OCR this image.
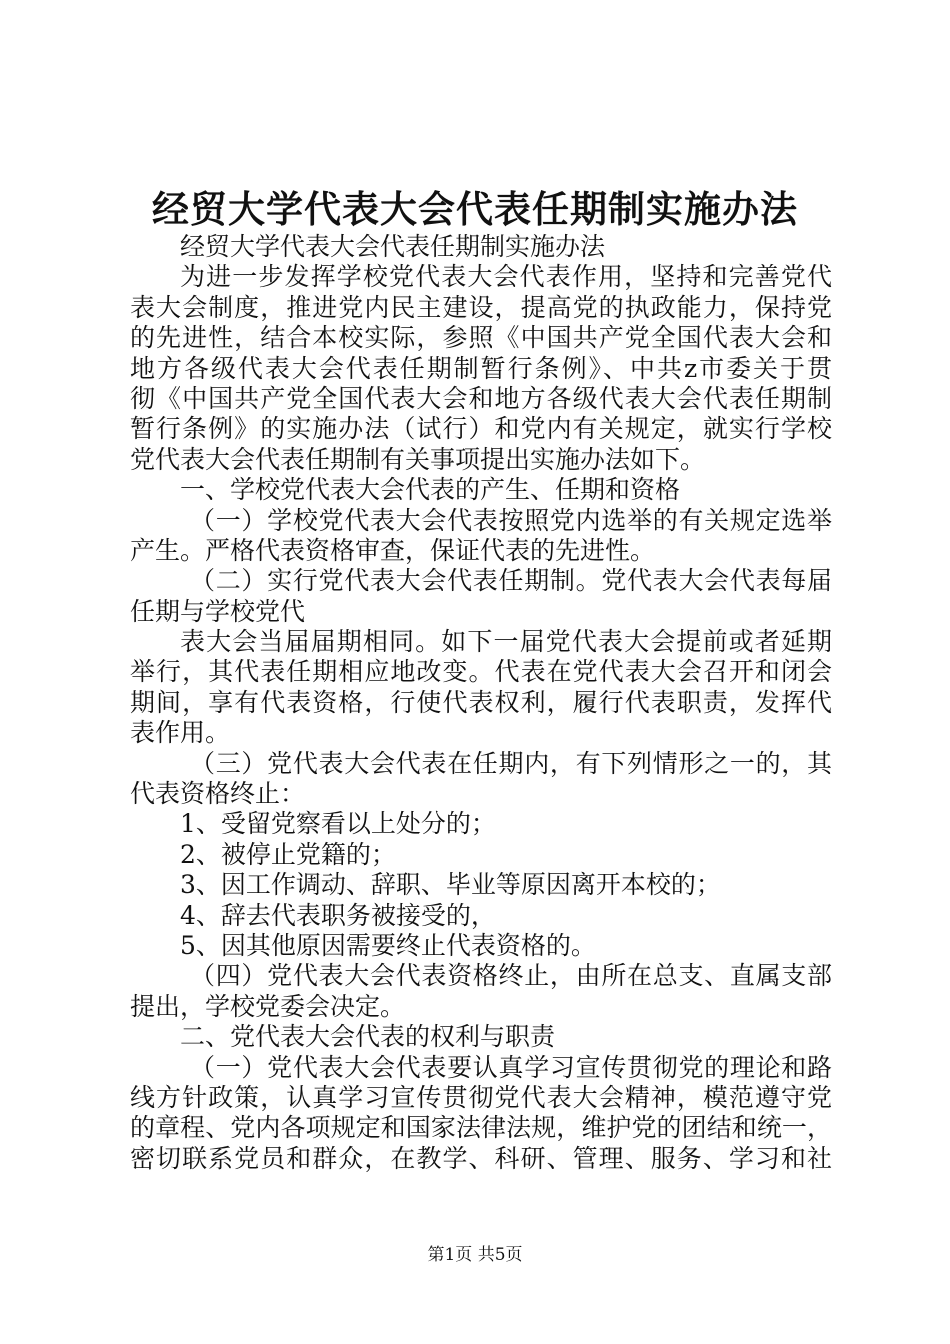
经贸大学代表大会代表任期制实施办法
经贸大学代表大会代表任期制实施办法
为进一步发挥学校党代表大会代表作用，坚持和完善党代
表大会制度，推进党内民主建设，提高党的执政能力，保持党
的先进性，结合本校实际，参照《中国共产党全国代表大会和
地方各级代表大会代表任期制暂行条例》、中共z市委关于贯
彻《中国共产党全国代表大会和地方各级代表大会代表任期制
暂行条例》的实施办法（试行）和党内有关规定，就实行学校
党代表大会代表任期制有关事项提出实施办法如下。
一、学校党代表大会代表的产生、任期和资格
（一）学校党代表大会代表按照党内选举的有关规定选举
产生。严格代表资格审查，保证代表的先进性。
（二）实行党代表大会代表任期制。党代表大会代表每届
任期与学校党代
表大会当届届期相同。如下一届党代表大会提前或者延期
举行，其代表任期相应地改变。代表在党代表大会召开和闭会
期间，享有代表资格，行使代表权利，履行代表职责，发挥代
表作用。
（三）党代表大会代表在任期内，有下列情形之一的，其
代表资格终止：
1、受留党察看以上处分的；
2、被停止党籍的；
3、因工作调动、辞职、毕业等原因离开本校的；
4、辞去代表职务被接受的，
5、因其他原因需要终止代表资格的。
（四）党代表大会代表资格终止，由所在总支、直属支部
提出，学校党委会决定。
二、党代表大会代表的权利与职责
（一）党代表大会代表要认真学习宣传贯彻党的理论和路
线方针政策，认真学习宣传贯彻党代表大会精神，模范遵守党
的章程、党内各项规定和国家法律法规，维护党的团结和统一，
密切联系党员和群众，在教学、科研、管理、服务、学习和社
第1页 共5页
